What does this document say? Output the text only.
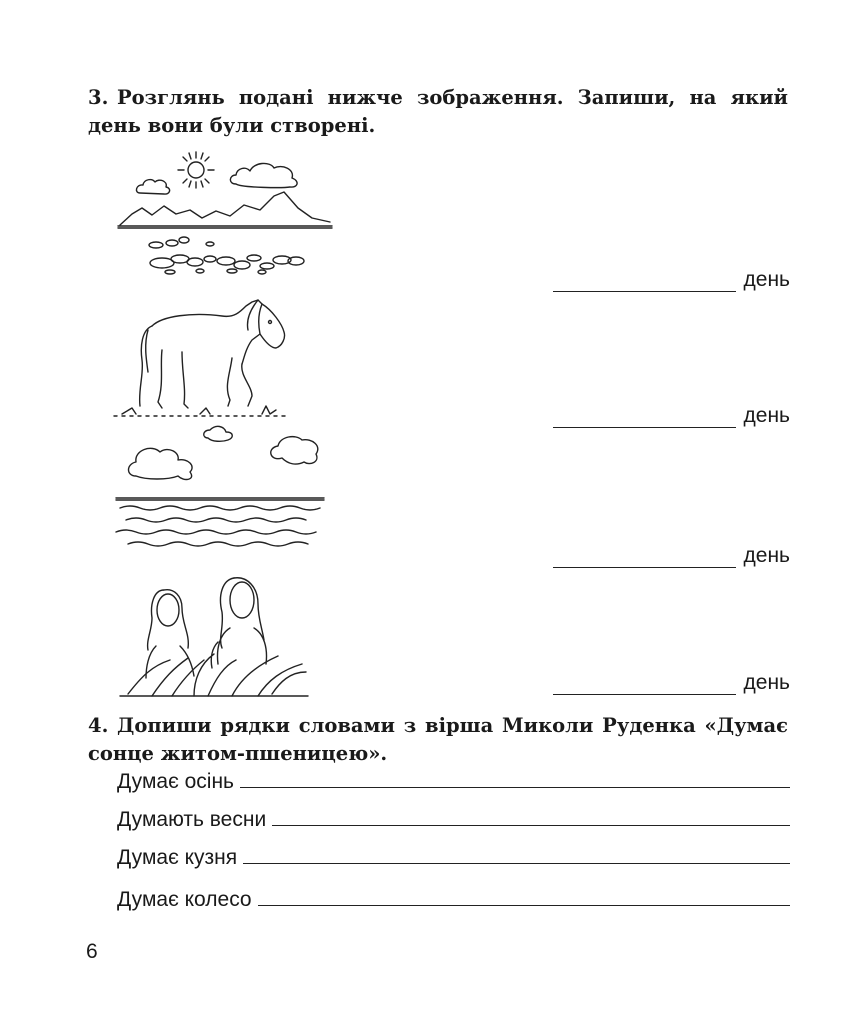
3. Розглянь подані нижче зображення. Запиши, на який день вони були створені.

день
день
день
день

4. Допиши рядки словами з вірша Миколи Руденка «Думає сонце житом-пшеницею».

Думає осінь
Думають весни
Думає кузня
Думає колесо
6
